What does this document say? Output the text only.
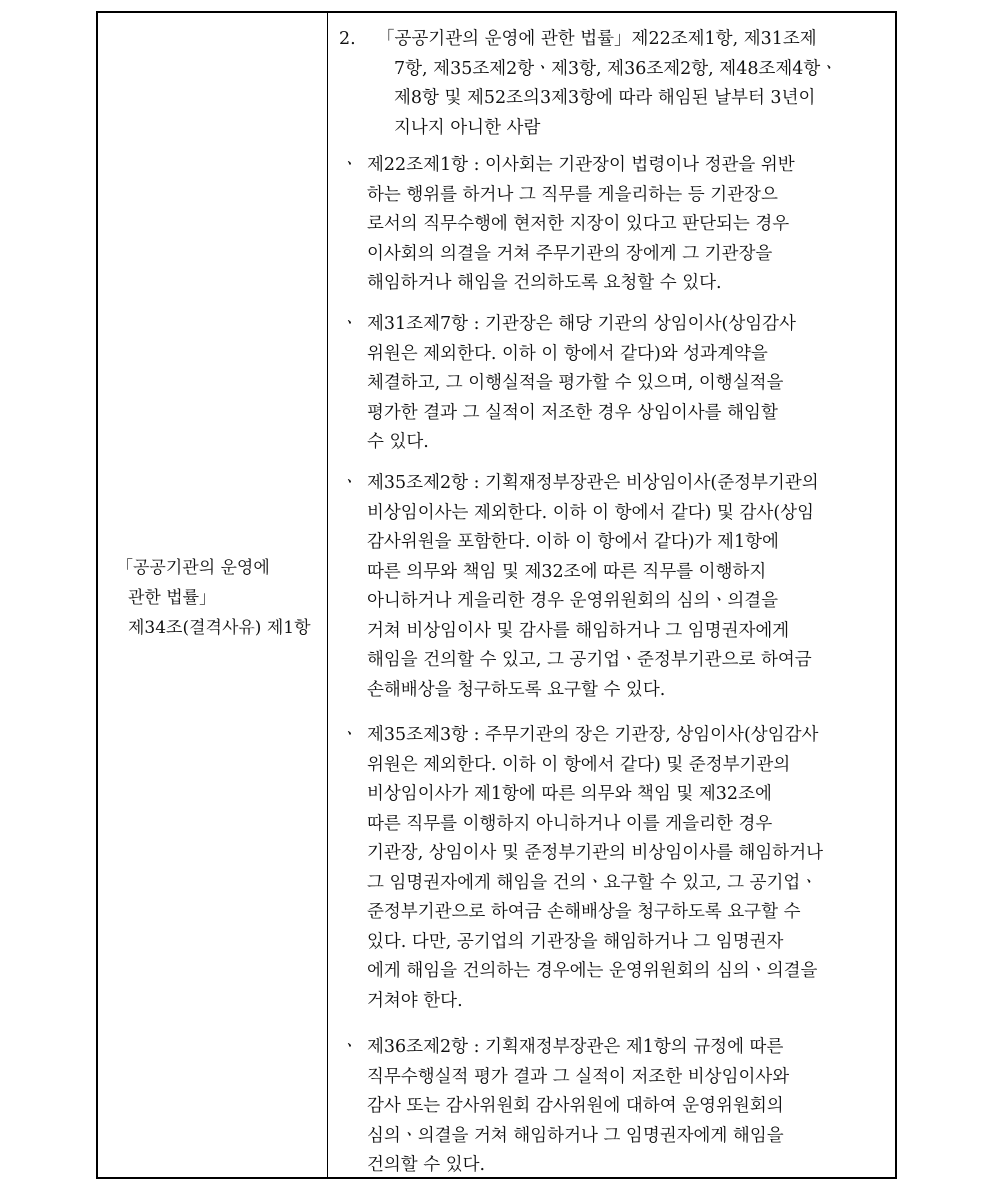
「공공기관의 운영에
관한 법률」
제34조(결격사유) 제1항
2. 「공공기관의 운영에 관한 법률」제22조제1항, 제31조제
7항, 제35조제2항ㆍ제3항, 제36조제2항, 제48조제4항ㆍ
제8항 및 제52조의3제3항에 따라 해임된 날부터 3년이
지나지 아니한 사람
ㆍ 제22조제1항 : 이사회는 기관장이 법령이나 정관을 위반
하는 행위를 하거나 그 직무를 게을리하는 등 기관장으
로서의 직무수행에 현저한 지장이 있다고 판단되는 경우
이사회의 의결을 거쳐 주무기관의 장에게 그 기관장을
해임하거나 해임을 건의하도록 요청할 수 있다.
ㆍ 제31조제7항 : 기관장은 해당 기관의 상임이사(상임감사
위원은 제외한다. 이하 이 항에서 같다)와 성과계약을
체결하고, 그 이행실적을 평가할 수 있으며, 이행실적을
평가한 결과 그 실적이 저조한 경우 상임이사를 해임할
수 있다.
ㆍ 제35조제2항 : 기획재정부장관은 비상임이사(준정부기관의
비상임이사는 제외한다. 이하 이 항에서 같다) 및 감사(상임
감사위원을 포함한다. 이하 이 항에서 같다)가 제1항에
따른 의무와 책임 및 제32조에 따른 직무를 이행하지
아니하거나 게을리한 경우 운영위원회의 심의ㆍ의결을
거쳐 비상임이사 및 감사를 해임하거나 그 임명권자에게
해임을 건의할 수 있고, 그 공기업ㆍ준정부기관으로 하여금
손해배상을 청구하도록 요구할 수 있다.
ㆍ 제35조제3항 : 주무기관의 장은 기관장, 상임이사(상임감사
위원은 제외한다. 이하 이 항에서 같다) 및 준정부기관의
비상임이사가 제1항에 따른 의무와 책임 및 제32조에
따른 직무를 이행하지 아니하거나 이를 게을리한 경우
기관장, 상임이사 및 준정부기관의 비상임이사를 해임하거나
그 임명권자에게 해임을 건의ㆍ요구할 수 있고, 그 공기업ㆍ
준정부기관으로 하여금 손해배상을 청구하도록 요구할 수
있다. 다만, 공기업의 기관장을 해임하거나 그 임명권자
에게 해임을 건의하는 경우에는 운영위원회의 심의ㆍ의결을
거쳐야 한다.
ㆍ 제36조제2항 : 기획재정부장관은 제1항의 규정에 따른
직무수행실적 평가 결과 그 실적이 저조한 비상임이사와
감사 또는 감사위원회 감사위원에 대하여 운영위원회의
심의ㆍ의결을 거쳐 해임하거나 그 임명권자에게 해임을
건의할 수 있다.
